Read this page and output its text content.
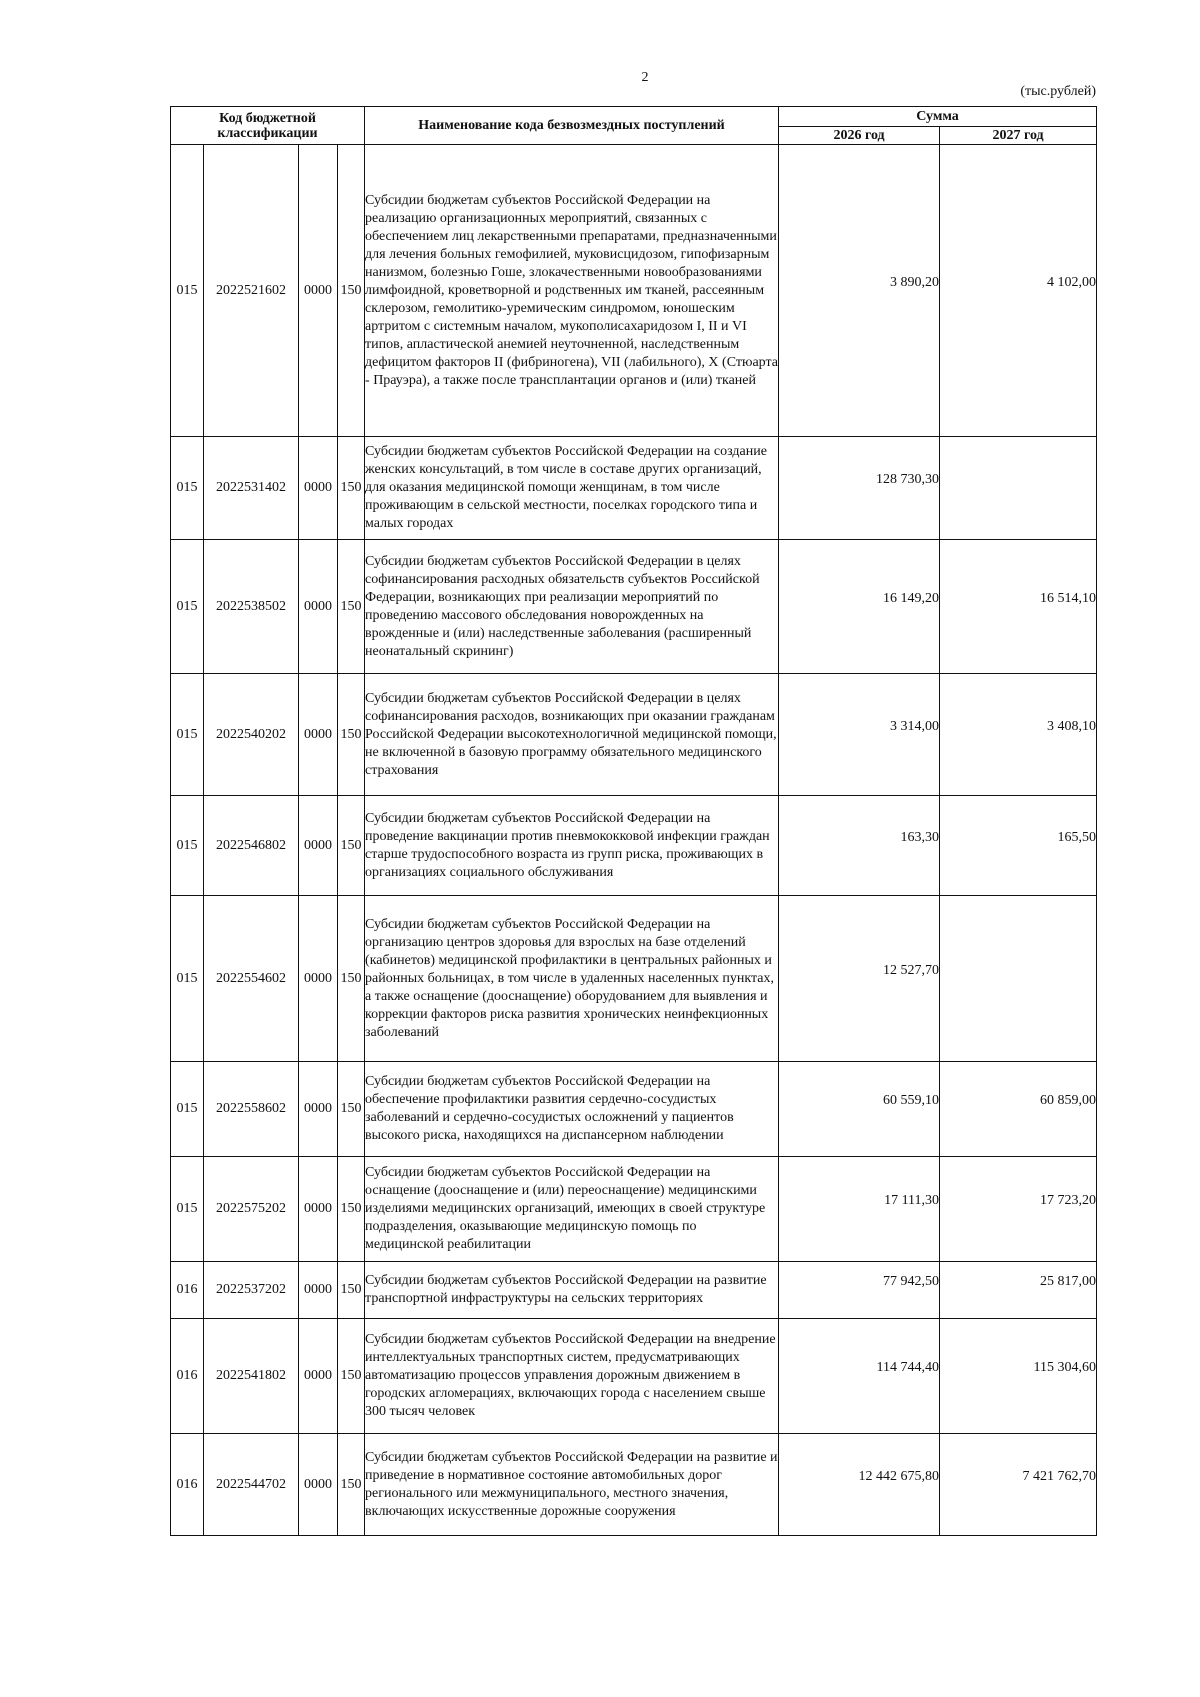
2
(тыс.рублей)
Код бюджетной классификации				Наименование кода безвозмездных поступлений	Сумма	
					2026 год	2027 год
015	2022521602	0000	150	Субсидии бюджетам субъектов Российской Федерации на реализацию организационных мероприятий, связанных с обеспечением лиц лекарственными препаратами, предназначенными для лечения больных гемофилией, муковисцидозом, гипофизарным нанизмом, болезнью Гоше, злокачественными новообразованиями лимфоидной, кроветворной и родственных им тканей, рассеянным склерозом, гемолитико-уремическим синдромом, юношеским артритом с системным началом, мукополисахаридозом I, II и VI типов, апластической анемией неуточненной, наследственным дефицитом факторов II (фибриногена), VII (лабильного), X (Стюарта - Прауэра), а также после трансплантации органов и (или) тканей	3 890,20	4 102,00
015	2022531402	0000	150	Субсидии бюджетам субъектов Российской Федерации на создание женских консультаций, в том числе в составе других организаций, для оказания медицинской помощи женщинам, в том числе проживающим в сельской местности, поселках городского типа и малых городах	128 730,30	
015	2022538502	0000	150	Субсидии бюджетам субъектов Российской Федерации в целях софинансирования расходных обязательств субъектов Российской Федерации, возникающих при реализации мероприятий по проведению массового обследования новорожденных на врожденные и (или) наследственные заболевания (расширенный неонатальный скрининг)	16 149,20	16 514,10
015	2022540202	0000	150	Субсидии бюджетам субъектов Российской Федерации в целях софинансирования расходов, возникающих при оказании гражданам Российской Федерации высокотехнологичной медицинской помощи, не включенной в базовую программу обязательного медицинского страхования	3 314,00	3 408,10
015	2022546802	0000	150	Субсидии бюджетам субъектов Российской Федерации на проведение вакцинации против пневмококковой инфекции граждан старше трудоспособного возраста из групп риска, проживающих в организациях социального обслуживания	163,30	165,50
015	2022554602	0000	150	Субсидии бюджетам субъектов Российской Федерации на организацию центров здоровья для взрослых на базе отделений (кабинетов) медицинской профилактики в центральных районных и районных больницах, в том числе в удаленных населенных пунктах, а также оснащение (дооснащение) оборудованием для выявления и коррекции факторов риска развития хронических неинфекционных заболеваний	12 527,70	
015	2022558602	0000	150	Субсидии бюджетам субъектов Российской Федерации на обеспечение профилактики развития сердечно-сосудистых заболеваний и сердечно-сосудистых осложнений у пациентов высокого риска, находящихся на диспансерном наблюдении	60 559,10	60 859,00
015	2022575202	0000	150	Субсидии бюджетам субъектов Российской Федерации на оснащение (дооснащение и (или) переоснащение) медицинскими изделиями медицинских организаций, имеющих в своей структуре подразделения, оказывающие медицинскую помощь по медицинской реабилитации	17 111,30	17 723,20
016	2022537202	0000	150	Субсидии бюджетам субъектов Российской Федерации на развитие транспортной инфраструктуры на сельских территориях	77 942,50	25 817,00
016	2022541802	0000	150	Субсидии бюджетам субъектов Российской Федерации на внедрение интеллектуальных транспортных систем, предусматривающих автоматизацию процессов управления дорожным движением в городских агломерациях, включающих города с населением свыше 300 тысяч человек	114 744,40	115 304,60
016	2022544702	0000	150	Субсидии бюджетам субъектов Российской Федерации на развитие и приведение в нормативное состояние автомобильных дорог регионального или межмуниципального, местного значения, включающих искусственные дорожные сооружения	12 442 675,80	7 421 762,70
